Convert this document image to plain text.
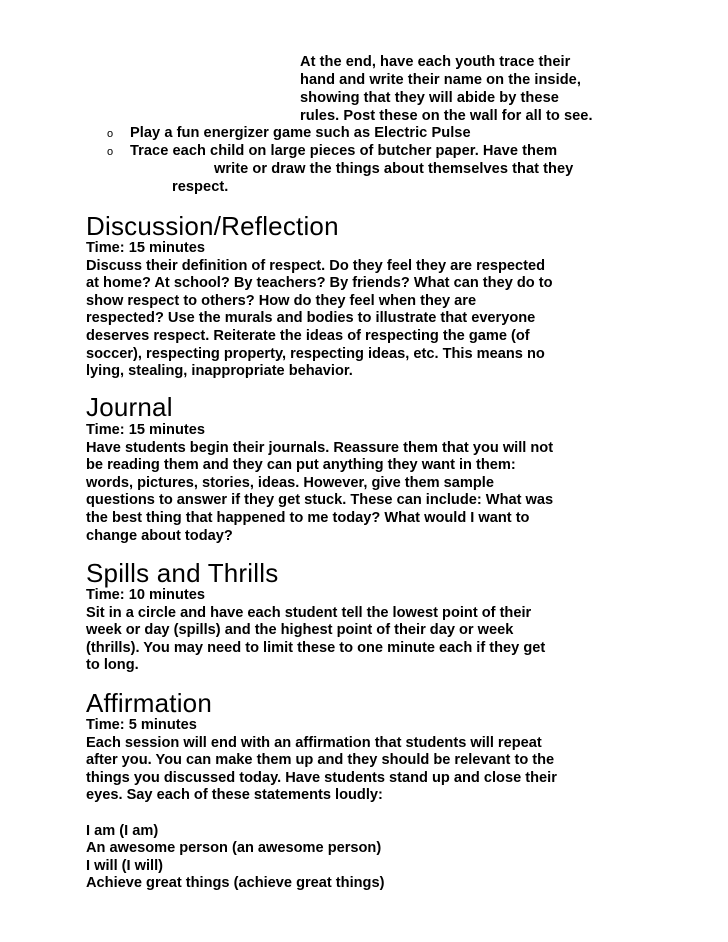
At the end, have each youth trace their
hand and write their name on the inside,
showing that they will abide by these
rules. Post these on the wall for all to see.
o Play a fun energizer game such as Electric Pulse
o Trace each child on large pieces of butcher paper. Have them
write or draw the things about themselves that they
respect.
Discussion/Reflection
Time: 15 minutes
Discuss their definition of respect. Do they feel they are respected
at home? At school? By teachers? By friends? What can they do to
show respect to others? How do they feel when they are
respected? Use the murals and bodies to illustrate that everyone
deserves respect. Reiterate the ideas of respecting the game (of
soccer), respecting property, respecting ideas, etc. This means no
lying, stealing, inappropriate behavior.
Journal
Time: 15 minutes
Have students begin their journals. Reassure them that you will not
be reading them and they can put anything they want in them:
words, pictures, stories, ideas. However, give them sample
questions to answer if they get stuck. These can include: What was
the best thing that happened to me today? What would I want to
change about today?
Spills and Thrills
Time: 10 minutes
Sit in a circle and have each student tell the lowest point of their
week or day (spills) and the highest point of their day or week
(thrills). You may need to limit these to one minute each if they get
to long.
Affirmation
Time: 5 minutes
Each session will end with an affirmation that students will repeat
after you. You can make them up and they should be relevant to the
things you discussed today. Have students stand up and close their
eyes. Say each of these statements loudly:

I am (I am)
An awesome person (an awesome person)
I will (I will)
Achieve great things (achieve great things)
